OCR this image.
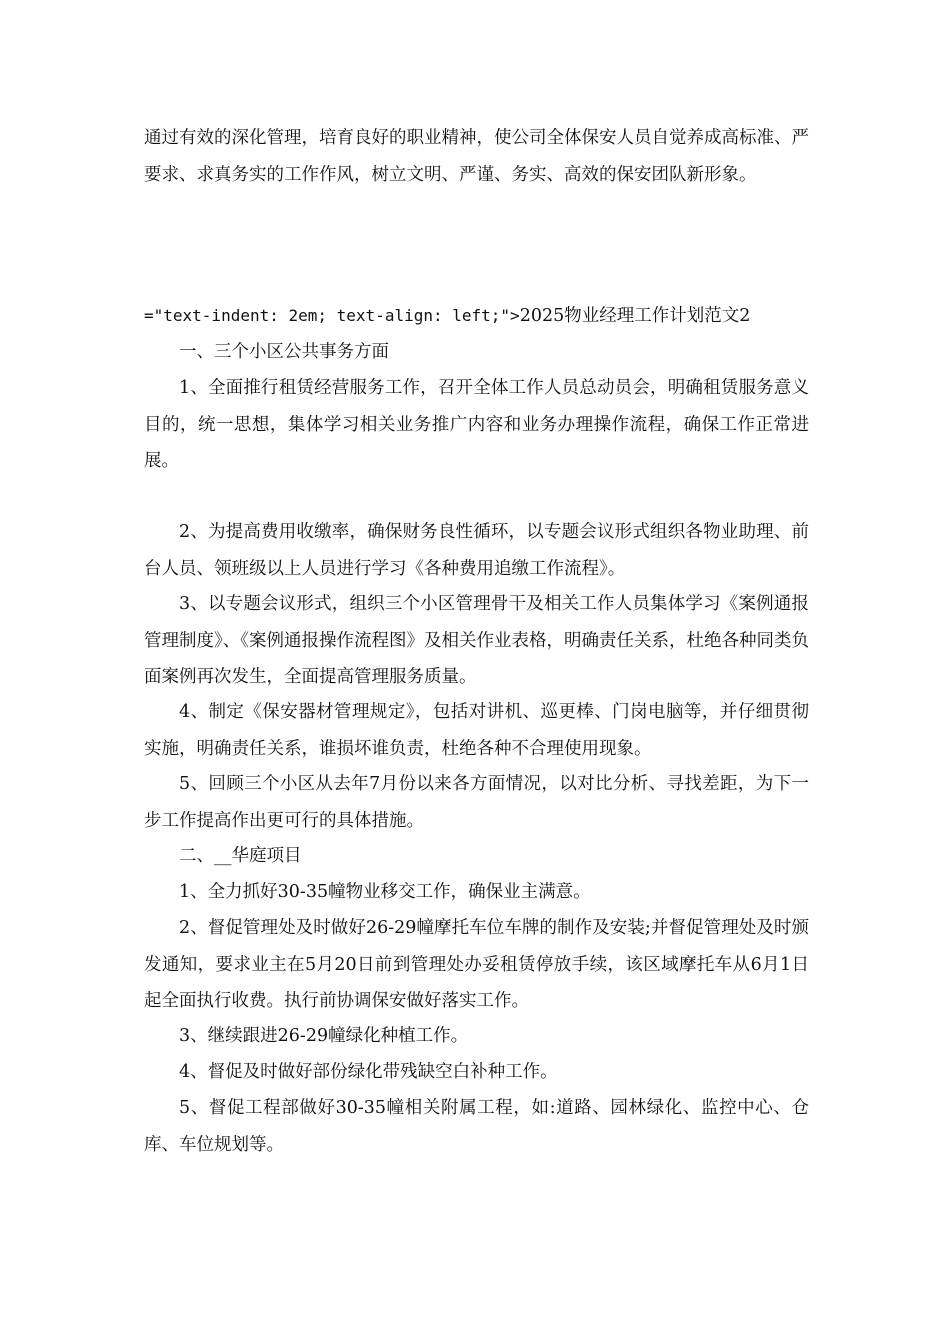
通过有效的深化管理，培育良好的职业精神，使公司全体保安人员自觉养成高标准、严要求、求真务实的工作作风，树立文明、严谨、务实、高效的保安团队新形象。

="text-indent: 2em; text-align: left;">2025物业经理工作计划范文2

一、三个小区公共事务方面

1、全面推行租赁经营服务工作，召开全体工作人员总动员会，明确租赁服务意义目的，统一思想，集体学习相关业务推广内容和业务办理操作流程，确保工作正常进展。

2、为提高费用收缴率，确保财务良性循环，以专题会议形式组织各物业助理、前台人员、领班级以上人员进行学习《各种费用追缴工作流程》。

3、以专题会议形式，组织三个小区管理骨干及相关工作人员集体学习《案例通报管理制度》、《案例通报操作流程图》及相关作业表格，明确责任关系，杜绝各种同类负面案例再次发生，全面提高管理服务质量。

4、制定《保安器材管理规定》，包括对讲机、巡更棒、门岗电脑等，并仔细贯彻实施，明确责任关系，谁损坏谁负责，杜绝各种不合理使用现象。

5、回顾三个小区从去年7月份以来各方面情况，以对比分析、寻找差距，为下一步工作提高作出更可行的具体措施。

二、__华庭项目

1、全力抓好30-35幢物业移交工作，确保业主满意。

2、督促管理处及时做好26-29幢摩托车位车牌的制作及安装;并督促管理处及时颁发通知，要求业主在5月20日前到管理处办妥租赁停放手续，该区域摩托车从6月1日起全面执行收费。执行前协调保安做好落实工作。

3、继续跟进26-29幢绿化种植工作。

4、督促及时做好部份绿化带残缺空白补种工作。

5、督促工程部做好30-35幢相关附属工程，如:道路、园林绿化、监控中心、仓库、车位规划等。
